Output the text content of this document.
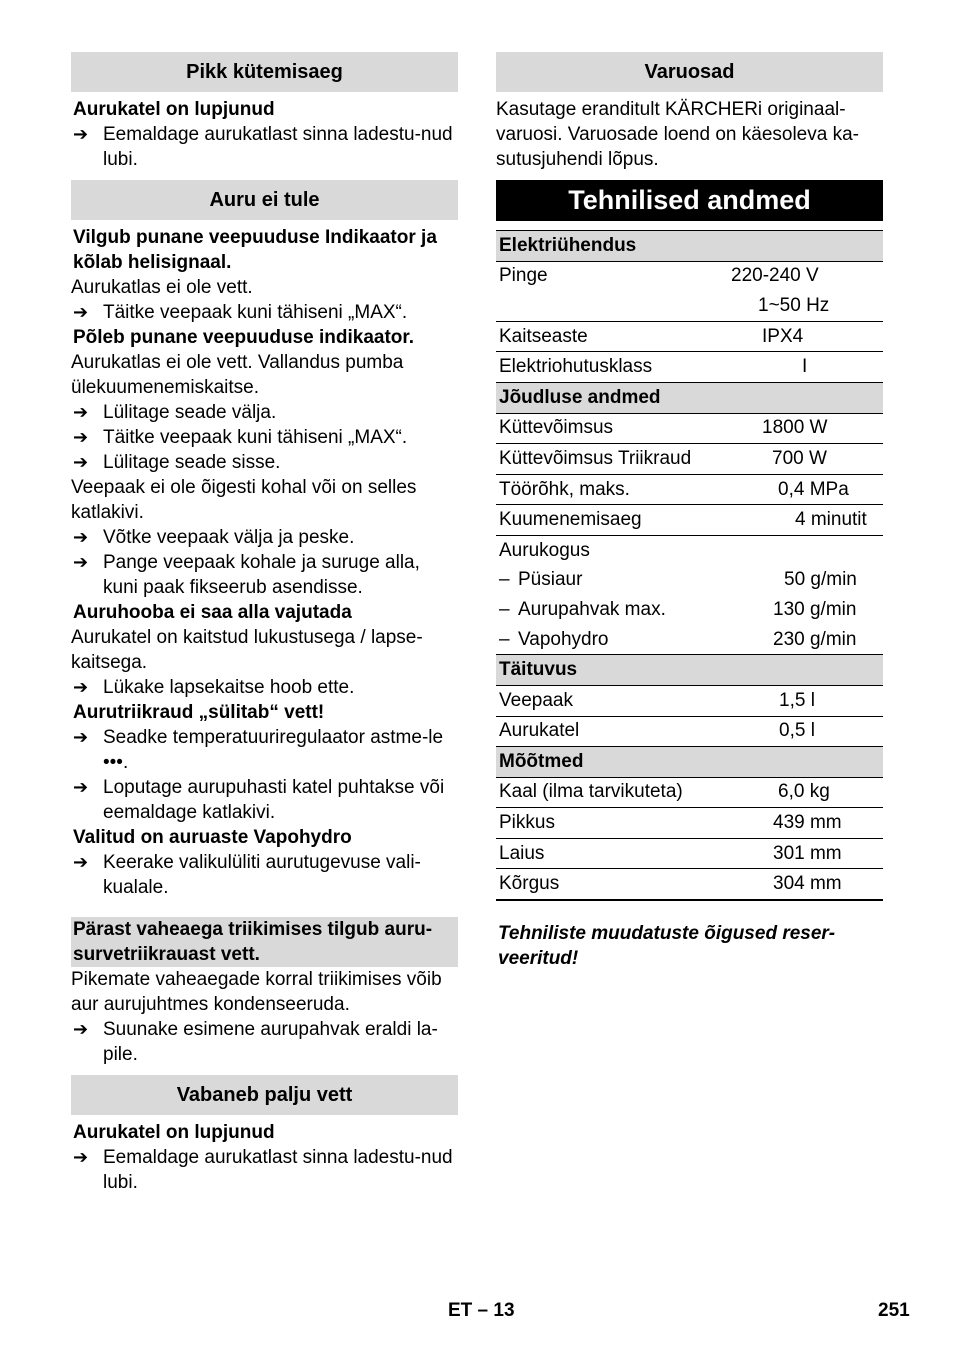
Pikk kütemisaeg
Aurukatel on lupjunud
➔ Eemaldage aurukatlast sinna ladestu-nud lubi.
Auru ei tule
Vilgub punane veepuuduse Indikaator ja kõlab helisignaal.
Aurukatlas ei ole vett.
➔ Täitke veepaak kuni tähiseni „MAX“.
Põleb punane veepuuduse indikaator.
Aurukatlas ei ole vett. Vallandus pumba ülekuumenemiskaitse.
➔ Lülitage seade välja.
➔ Täitke veepaak kuni tähiseni „MAX“.
➔ Lülitage seade sisse.
Veepaak ei ole õigesti kohal või on selles katlakivi.
➔ Võtke veepaak välja ja peske.
➔ Pange veepaak kohale ja suruge alla, kuni paak fikseerub asendisse.
Auruhooba ei saa alla vajutada
Aurukatel on kaitstud lukustusega / lapse-kaitsega.
➔ Lükake lapsekaitse hoob ette.
Aurutriikraud „sülitab“ vett!
➔ Seadke temperatuuriregulaator astme-le •••.
➔ Loputage aurupuhasti katel puhtakse või eemaldage katlakivi.
Valitud on auruaste Vapohydro
➔ Keerake valikulüliti aurutugevuse vali-kualale.
Pärast vaheaega triikimises tilgub auru-survetriikrauast vett.
Pikemate vaheaegade korral triikimises võib aur aurujuhtmes kondenseeruda.
➔ Suunake esimene aurupahvak eraldi la-pile.
Vabaneb palju vett
Aurukatel on lupjunud
➔ Eemaldage aurukatlast sinna ladestu-nud lubi.
Varuosad
Kasutage eranditult KÄRCHERi originaal-varuosi. Varuosade loend on käesoleva ka-sutusjuhendi lõpus.
Tehnilised andmed
Elektriühendus	
Pinge	220-240 V
	1~50 Hz
Kaitseaste	IPX4
Elektriohutusklass	I
Jõudluse andmed	
Küttevõimsus	1800 W
Küttevõimsus Triikraud	700 W
Töörõhk, maks.	0,4 MPa
Kuumenemisaeg	4 minutit
Aurukogus	
– Püsiaur	50 g/min
– Aurupahvak max.	130 g/min
– Vapohydro	230 g/min
Täituvus	
Veepaak	1,5 l
Aurukatel	0,5 l
Mõõtmed	
Kaal (ilma tarvikuteta)	6,0 kg
Pikkus	439 mm
Laius	301 mm
Kõrgus	304 mm
Tehniliste muudatuste õigused reser-veeritud!
ET – 13	251
